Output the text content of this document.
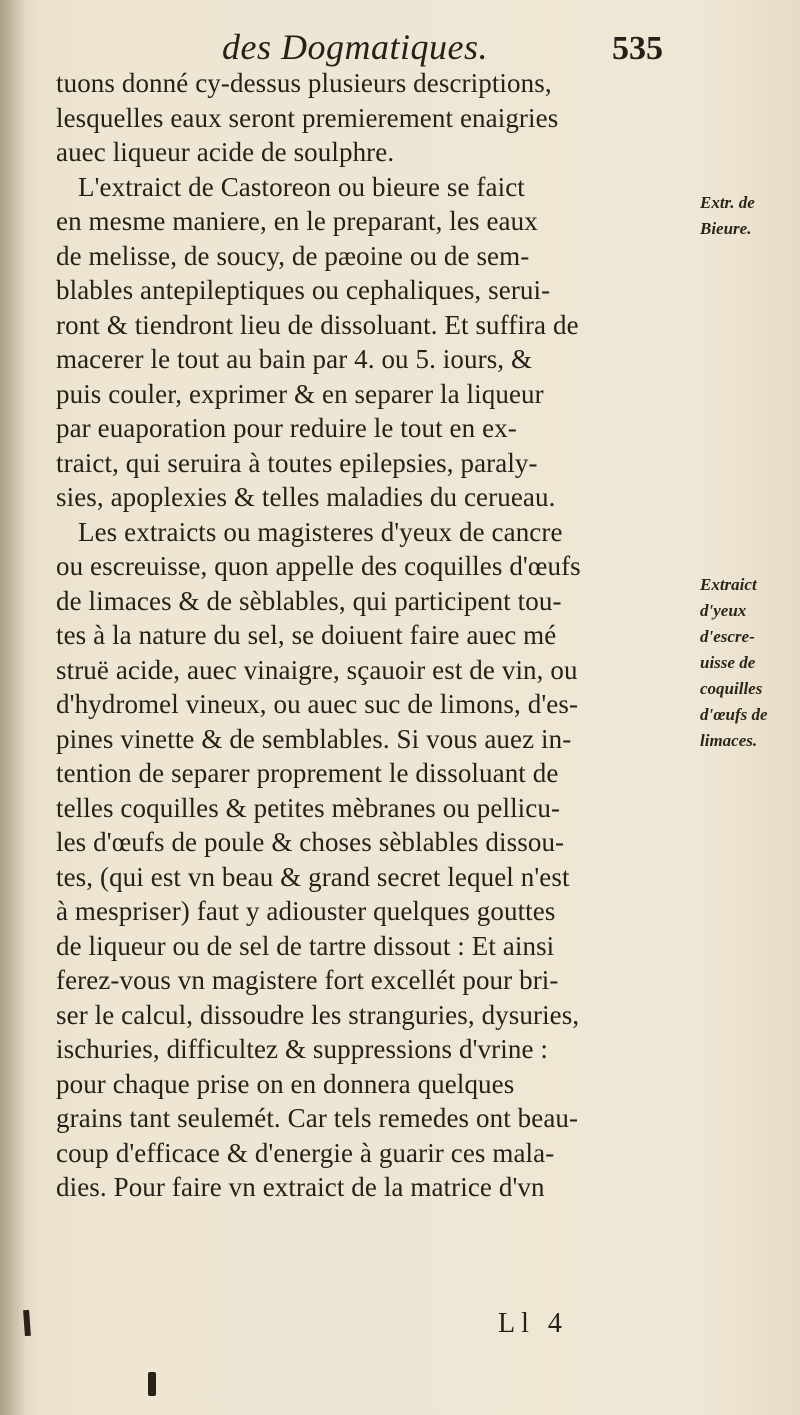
des Dogmatiques.	535
tuons donné cy-dessus plusieurs descriptions,
lesquelles eaux seront premierement enaigries
auec liqueur acide de soulphre.
L'extraict de Castoreon ou bieure se faict
en mesme maniere, en le preparant, les eaux
de melisse, de soucy, de pæoine ou de sem-
blables antepileptiques ou cephaliques, serui-
ront & tiendront lieu de dissoluant. Et suffira de
macerer le tout au bain par 4. ou 5. iours, &
puis couler, exprimer & en separer la liqueur
par euaporation pour reduire le tout en ex-
traict, qui seruira à toutes epilepsies, paraly-
sies, apoplexies & telles maladies du cerueau.
Les extraicts ou magisteres d'yeux de cancre
ou escreuisse, quon appelle des coquilles d'œufs
de limaces & de sèblables, qui participent tou-
tes à la nature du sel, se doiuent faire auec mé
struë acide, auec vinaigre, sçauoir est de vin, ou
d'hydromel vineux, ou auec suc de limons, d'es-
pines vinette & de semblables. Si vous auez in-
tention de separer proprement le dissoluant de
telles coquilles & petites mèbranes ou pellicu-
les d'œufs de poule & choses sèblables dissou-
tes, (qui est vn beau & grand secret lequel n'est
à mespriser) faut y adiouster quelques gouttes
de liqueur ou de sel de tartre dissout : Et ainsi
ferez-vous vn magistere fort excellét pour bri-
ser le calcul, dissoudre les stranguries, dysuries,
ischuries, difficultez & suppressions d'vrine :
pour chaque prise on en donnera quelques
grains tant seulemét. Car tels remedes ont beau-
coup d'efficace & d'energie à guarir ces mala-
dies. Pour faire vn extraict de la matrice d'vn
Extr. de
Bieure.
Extraict
d'yeux
d'escre-
uisse de
coquilles
d'œufs de
limaces.
Ll 4
